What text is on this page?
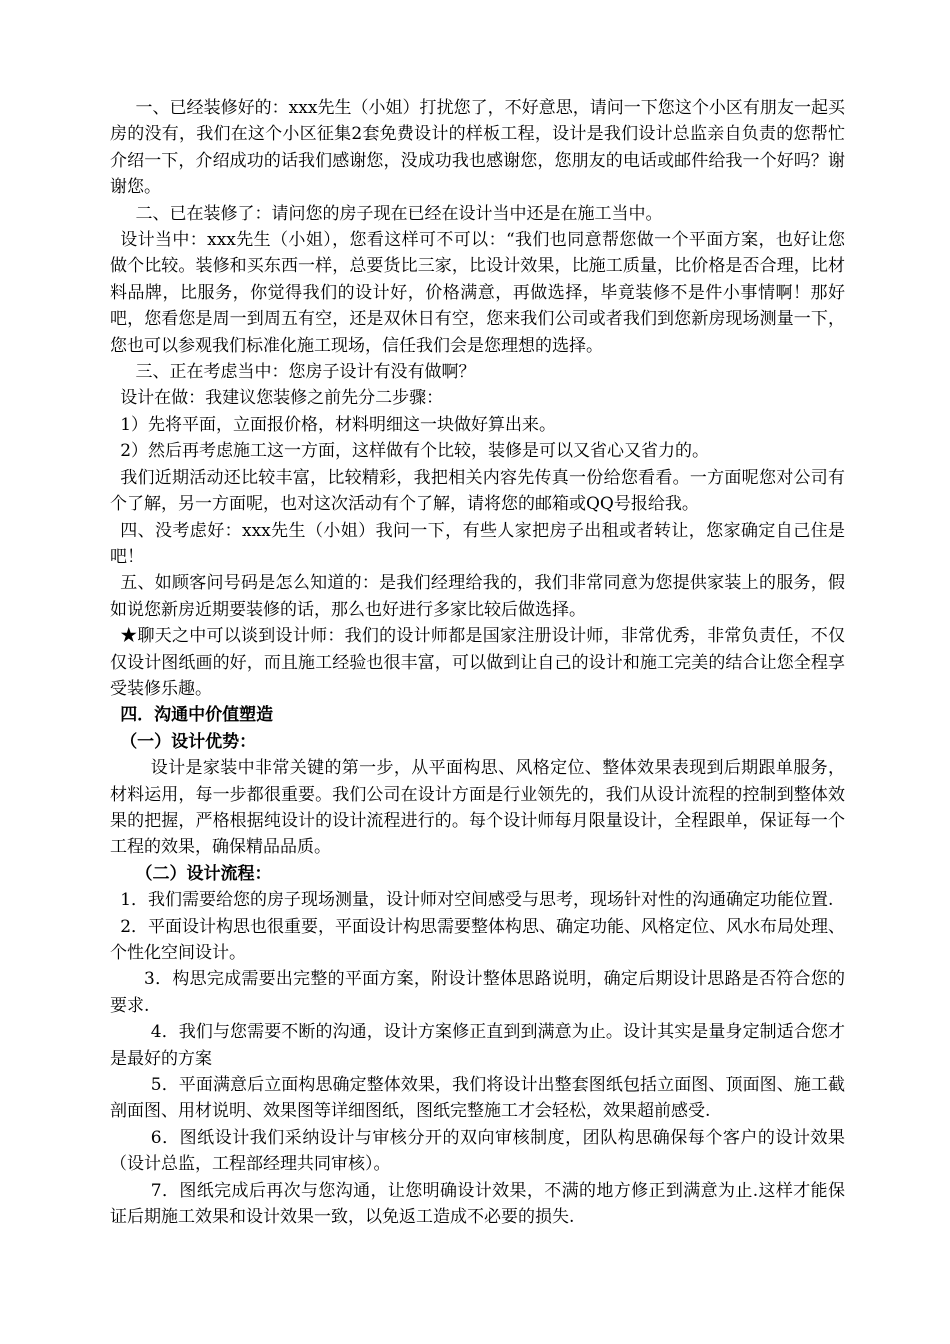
一、已经装修好的：xxx先生（小姐）打扰您了，不好意思，请问一下您这个小区有朋友一起买房的没有，我们在这个小区征集2套免费设计的样板工程，设计是我们设计总监亲自负责的您帮忙介绍一下，介绍成功的话我们感谢您，没成功我也感谢您，您朋友的电话或邮件给我一个好吗？谢谢您。

二、已在装修了：请问您的房子现在已经在设计当中还是在施工当中。

设计当中：xxx先生（小姐），您看这样可不可以：“我们也同意帮您做一个平面方案，也好让您做个比较。装修和买东西一样，总要货比三家，比设计效果，比施工质量，比价格是否合理，比材料品牌，比服务，你觉得我们的设计好，价格满意，再做选择，毕竟装修不是件小事情啊！那好吧，您看您是周一到周五有空，还是双休日有空，您来我们公司或者我们到您新房现场测量一下，您也可以参观我们标准化施工现场，信任我们会是您理想的选择。

三、正在考虑当中：您房子设计有没有做啊？

设计在做：我建议您装修之前先分二步骤：

1）先将平面，立面报价格，材料明细这一块做好算出来。

2）然后再考虑施工这一方面，这样做有个比较，装修是可以又省心又省力的。

我们近期活动还比较丰富，比较精彩，我把相关内容先传真一份给您看看。一方面呢您对公司有个了解，另一方面呢，也对这次活动有个了解，请将您的邮箱或QQ号报给我。

四、没考虑好：xxx先生（小姐）我问一下，有些人家把房子出租或者转让，您家确定自己住是吧！

五、如顾客问号码是怎么知道的：是我们经理给我的，我们非常同意为您提供家装上的服务，假如说您新房近期要装修的话，那么也好进行多家比较后做选择。

★聊天之中可以谈到设计师：我们的设计师都是国家注册设计师，非常优秀，非常负责任，不仅仅设计图纸画的好，而且施工经验也很丰富，可以做到让自己的设计和施工完美的结合让您全程享受装修乐趣。

四．沟通中价值塑造

（一）设计优势：

设计是家装中非常关键的第一步，从平面构思、风格定位、整体效果表现到后期跟单服务，材料运用，每一步都很重要。我们公司在设计方面是行业领先的，我们从设计流程的控制到整体效果的把握，严格根据纯设计的设计流程进行的。每个设计师每月限量设计，全程跟单，保证每一个工程的效果，确保精品品质。

（二）设计流程：

1．我们需要给您的房子现场测量，设计师对空间感受与思考，现场针对性的沟通确定功能位置.

2．平面设计构思也很重要，平面设计构思需要整体构思、确定功能、风格定位、风水布局处理、个性化空间设计。

3．构思完成需要出完整的平面方案，附设计整体思路说明，确定后期设计思路是否符合您的要求.

4．我们与您需要不断的沟通，设计方案修正直到到满意为止。设计其实是量身定制适合您才是最好的方案

5．平面满意后立面构思确定整体效果，我们将设计出整套图纸包括立面图、顶面图、施工截剖面图、用材说明、效果图等详细图纸，图纸完整施工才会轻松，效果超前感受.

6．图纸设计我们采纳设计与审核分开的双向审核制度，团队构思确保每个客户的设计效果（设计总监，工程部经理共同审核）。

7．图纸完成后再次与您沟通，让您明确设计效果，不满的地方修正到满意为止.这样才能保证后期施工效果和设计效果一致，以免返工造成不必要的损失.
